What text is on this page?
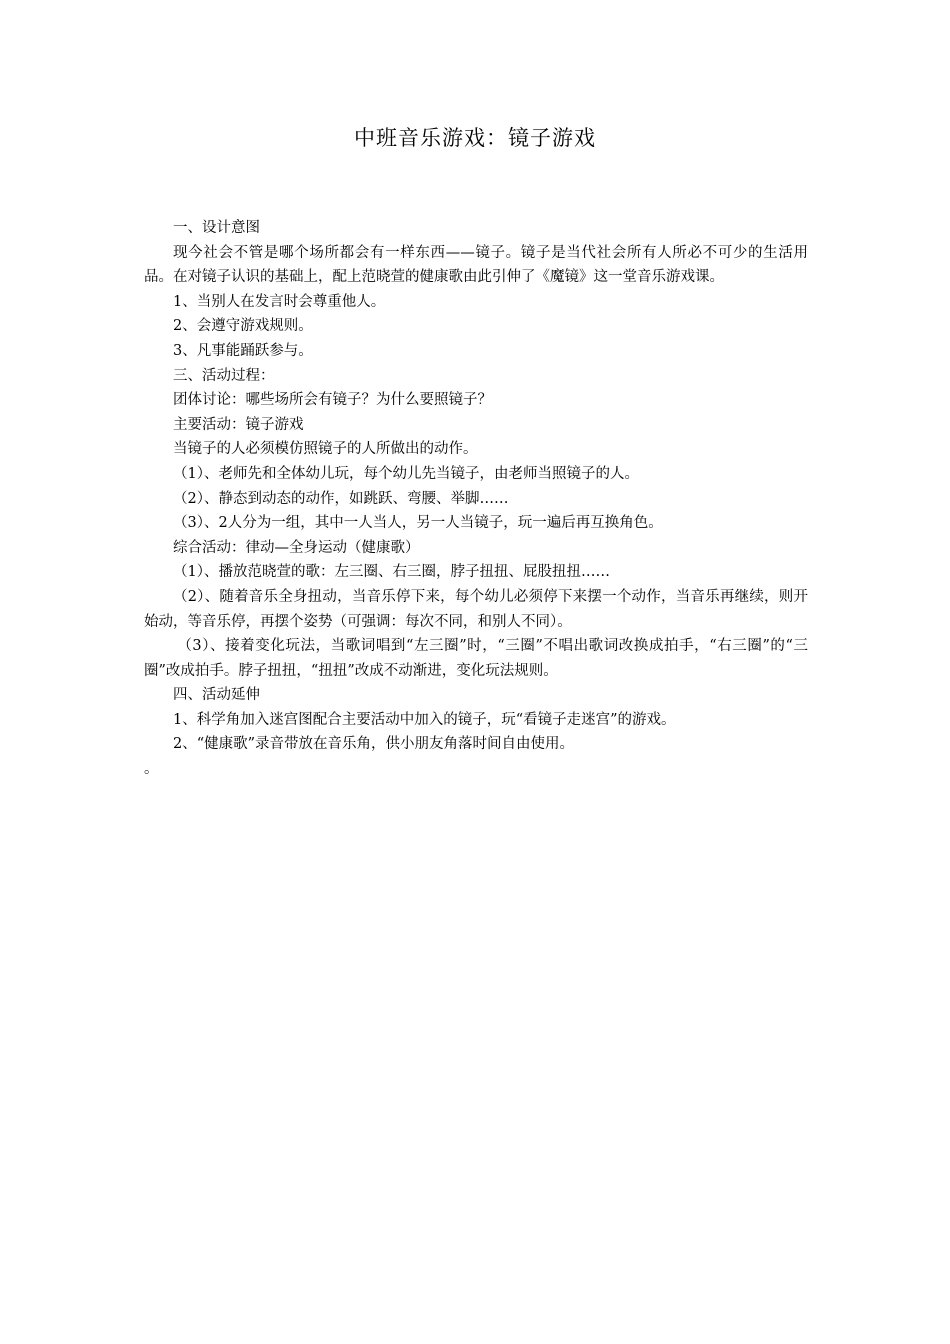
中班音乐游戏：镜子游戏

一、设计意图

现今社会不管是哪个场所都会有一样东西——镜子。镜子是当代社会所有人所必不可少的生活用品。在对镜子认识的基础上，配上范晓萱的健康歌由此引伸了《魔镜》这一堂音乐游戏课。

1、当别人在发言时会尊重他人。

2、会遵守游戏规则。

3、凡事能踊跃参与。

三、活动过程：

团体讨论：哪些场所会有镜子？为什么要照镜子？

主要活动：镜子游戏

当镜子的人必须模仿照镜子的人所做出的动作。

（1）、老师先和全体幼儿玩，每个幼儿先当镜子，由老师当照镜子的人。

（2）、静态到动态的动作，如跳跃、弯腰、举脚……

（3）、2人分为一组，其中一人当人，另一人当镜子，玩一遍后再互换角色。

综合活动：律动—全身运动（健康歌）

（1）、播放范晓萱的歌：左三圈、右三圈，脖子扭扭、屁股扭扭……

（2）、随着音乐全身扭动，当音乐停下来，每个幼儿必须停下来摆一个动作，当音乐再继续，则开始动，等音乐停，再摆个姿势（可强调：每次不同，和别人不同）。

（3）、接着变化玩法，当歌词唱到“左三圈”时，“三圈”不唱出歌词改换成拍手，“右三圈”的“三圈”改成拍手。脖子扭扭，“扭扭”改成不动渐进，变化玩法规则。

四、活动延伸

1、科学角加入迷宫图配合主要活动中加入的镜子，玩“看镜子走迷宫”的游戏。

2、“健康歌”录音带放在音乐角，供小朋友角落时间自由使用。

。
